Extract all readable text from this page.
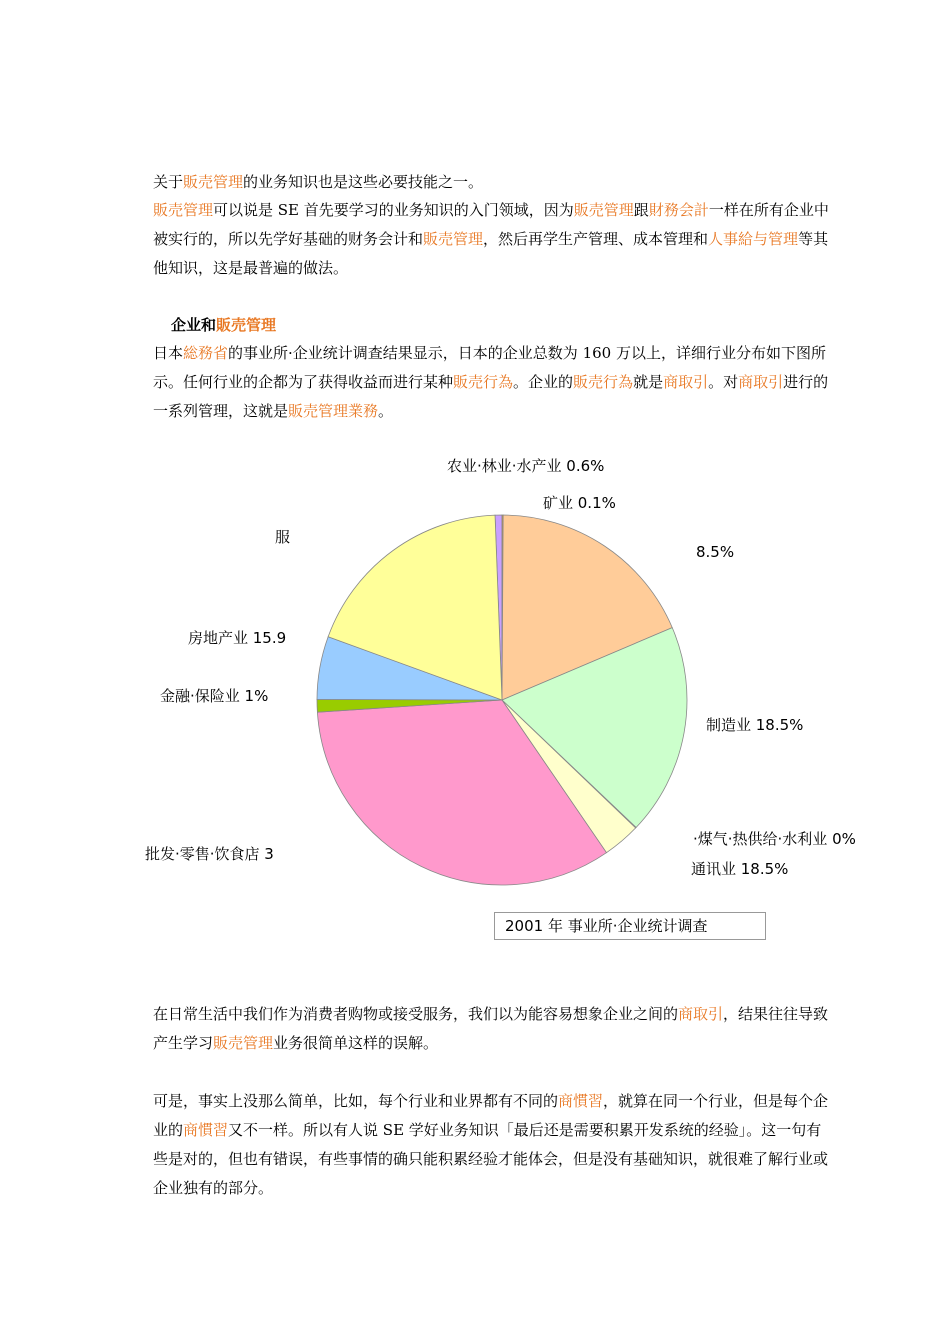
关于販売管理的业务知识也是这些必要技能之一。

販売管理可以说是 SE 首先要学习的业务知识的入门领域，因为販売管理跟財務会計一样在所有企业中被实行的，所以先学好基础的财务会计和販売管理，然后再学生产管理、成本管理和人事給与管理等其他知识，这是最普遍的做法。

企业和販売管理

日本総務省的事业所·企业统计调查结果显示，日本的企业总数为 160 万以上，详细行业分布如下图所示。任何行业的企都为了获得收益而进行某种販売行為。企业的販売行為就是商取引。对商取引进行的一系列管理，这就是販売管理業務。

农业·林业·水产业 0.6%
矿业 0.1%
8.5%
制造业 18.5%
·煤气·热供给·水利业 0%
通讯业 18.5%
批发·零售·饮食店 3
金融·保险业 1%
房地产业 15.9
服
2001 年 事业所·企业统计调查

在日常生活中我们作为消费者购物或接受服务，我们以为能容易想象企业之间的商取引，结果往往导致产生学习販売管理业务很简单这样的误解。

可是，事实上没那么简单，比如，每个行业和业界都有不同的商慣習，就算在同一个行业，但是每个企业的商慣習又不一样。所以有人说 SE 学好业务知识「最后还是需要积累开发系统的经验」。这一句有些是对的，但也有错误，有些事情的确只能积累经验才能体会，但是没有基础知识，就很难了解行业或企业独有的部分。
